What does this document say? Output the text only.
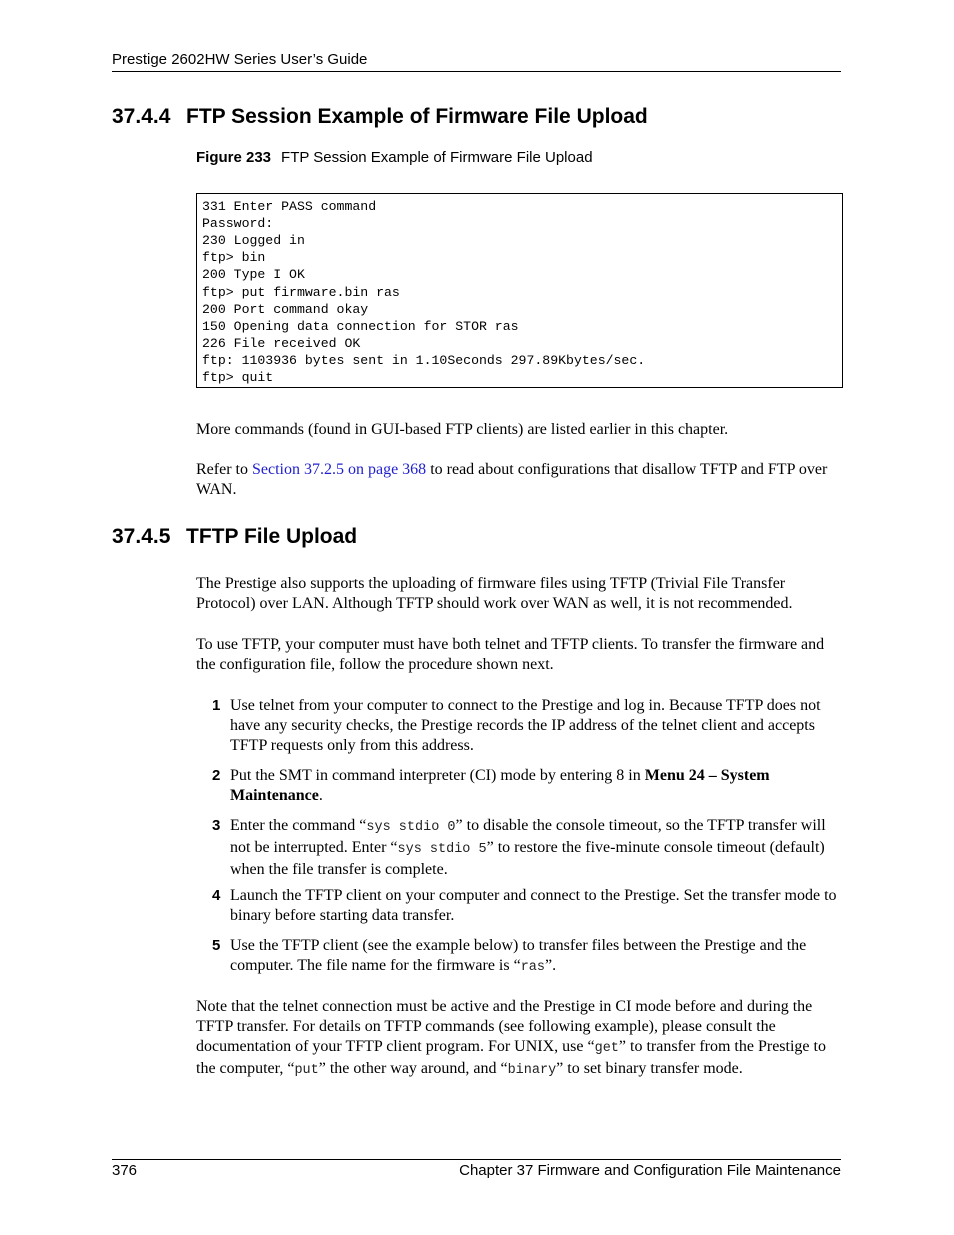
Prestige 2602HW Series User’s Guide
37.4.4 FTP Session Example of Firmware File Upload
Figure 233 FTP Session Example of Firmware File Upload
331 Enter PASS command
Password:
230 Logged in
ftp> bin
200 Type I OK
ftp> put firmware.bin ras
200 Port command okay
150 Opening data connection for STOR ras
226 File received OK
ftp: 1103936 bytes sent in 1.10Seconds 297.89Kbytes/sec.
ftp> quit
More commands (found in GUI-based FTP clients) are listed earlier in this chapter.
Refer to Section 37.2.5 on page 368 to read about configurations that disallow TFTP and FTP over WAN.
37.4.5 TFTP File Upload
The Prestige also supports the uploading of firmware files using TFTP (Trivial File Transfer Protocol) over LAN. Although TFTP should work over WAN as well, it is not recommended.
To use TFTP, your computer must have both telnet and TFTP clients. To transfer the firmware and the configuration file, follow the procedure shown next.
1 Use telnet from your computer to connect to the Prestige and log in. Because TFTP does not have any security checks, the Prestige records the IP address of the telnet client and accepts TFTP requests only from this address.
2 Put the SMT in command interpreter (CI) mode by entering 8 in Menu 24 – System Maintenance.
3 Enter the command “sys stdio 0” to disable the console timeout, so the TFTP transfer will not be interrupted. Enter “sys stdio 5” to restore the five-minute console timeout (default) when the file transfer is complete.
4 Launch the TFTP client on your computer and connect to the Prestige. Set the transfer mode to binary before starting data transfer.
5 Use the TFTP client (see the example below) to transfer files between the Prestige and the computer. The file name for the firmware is “ras”.
Note that the telnet connection must be active and the Prestige in CI mode before and during the TFTP transfer. For details on TFTP commands (see following example), please consult the documentation of your TFTP client program. For UNIX, use “get” to transfer from the Prestige to the computer, “put” the other way around, and “binary” to set binary transfer mode.
376	Chapter 37 Firmware and Configuration File Maintenance
